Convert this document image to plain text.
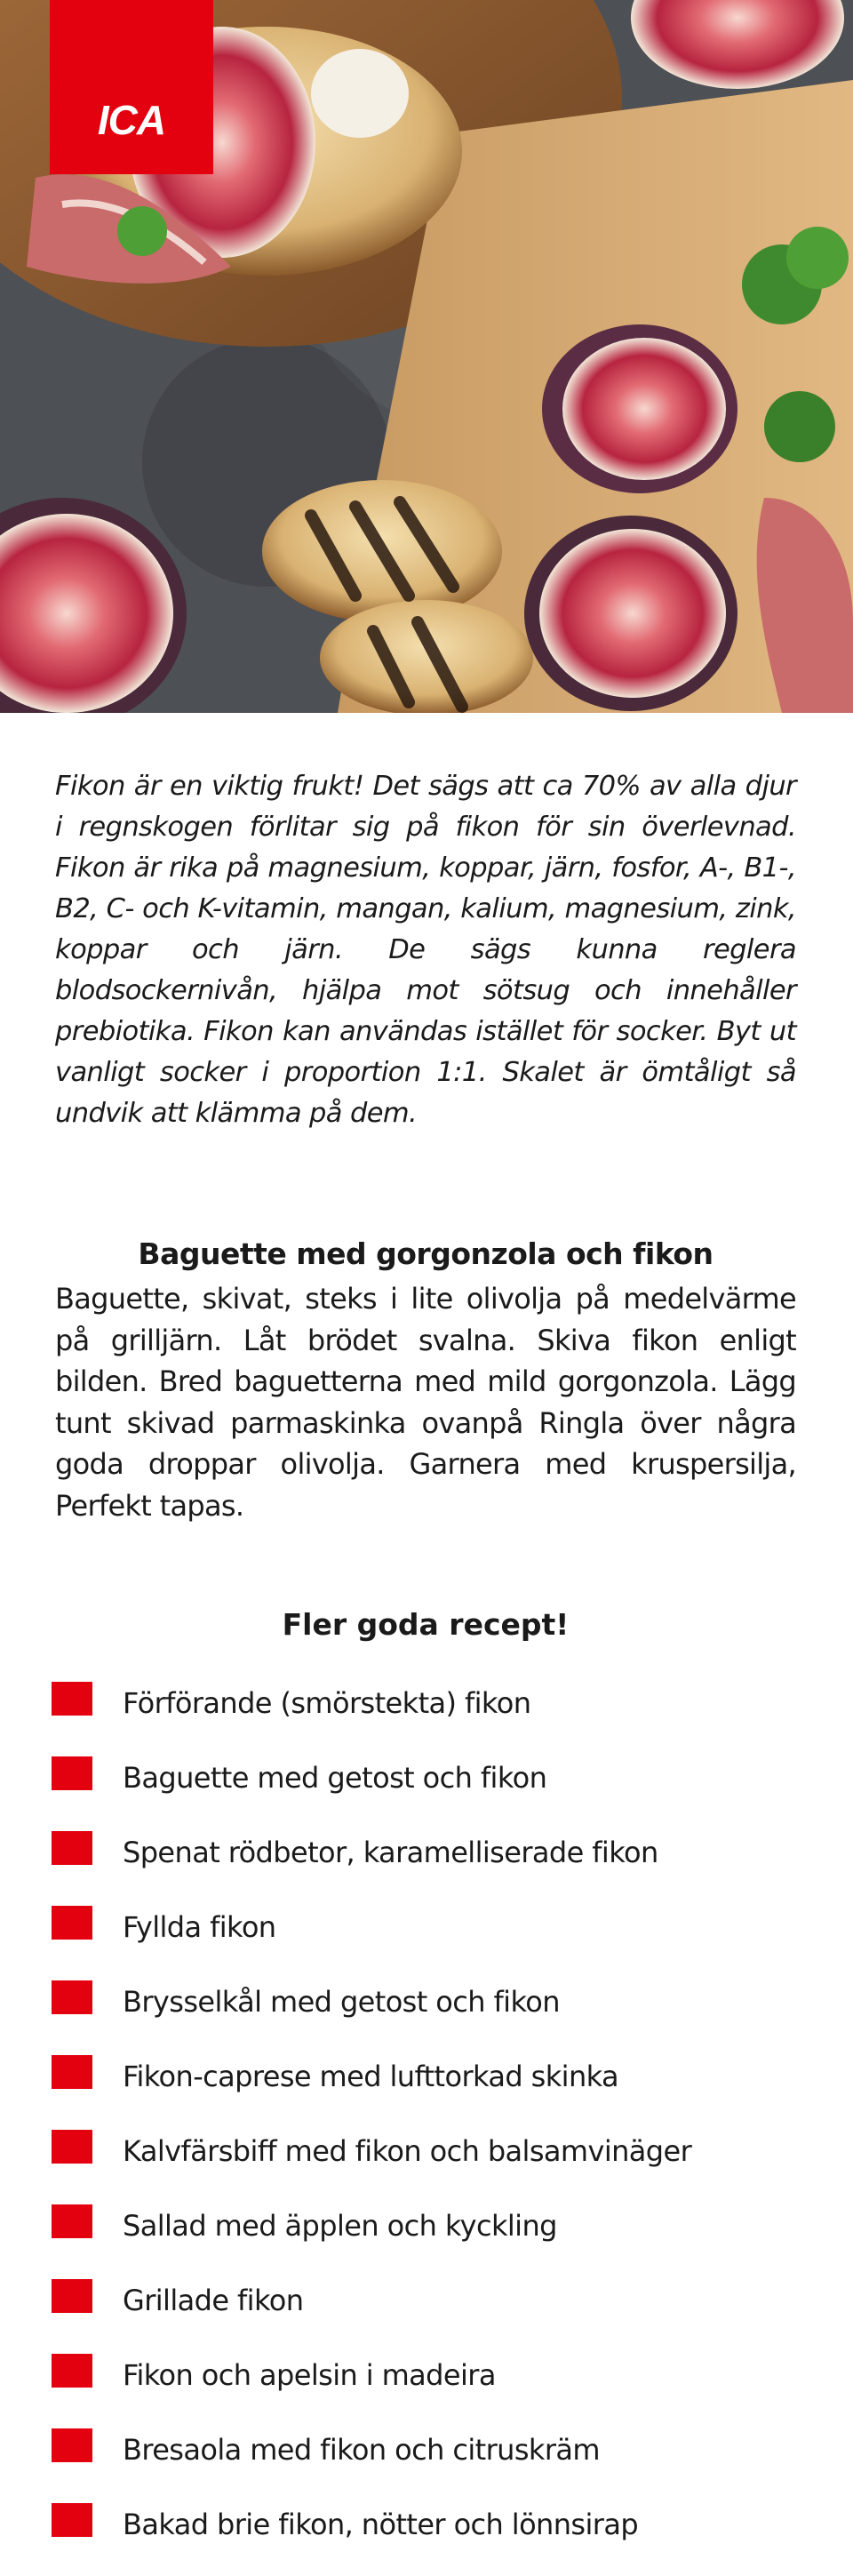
ICA

Fikon är en viktig frukt! Det sägs att ca 70% av alla djur i regnskogen förlitar sig på fikon för sin överlevnad. Fikon är rika på magnesium, koppar, järn, fosfor, A-, B1-, B2, C- och K-vitamin, mangan, kalium, magnesium, zink, koppar och järn. De sägs kunna reglera blodsockernivån, hjälpa mot sötsug och innehåller prebiotika. Fikon kan användas istället för socker. Byt ut vanligt socker i proportion 1:1. Skalet är ömtåligt så undvik att klämma på dem.

Baguette med gorgonzola och fikon

Baguette, skivat, steks i lite olivolja på medelvärme på grilljärn. Låt brödet svalna. Skiva fikon enligt bilden. Bred baguetterna med mild gorgonzola. Lägg tunt skivad parmaskinka ovanpå Ringla över några goda droppar olivolja. Garnera med kruspersilja, Perfekt tapas.

Fler goda recept!
Förförande (smörstekta) fikon
Baguette med getost och fikon
Spenat rödbetor, karamelliserade fikon
Fyllda fikon
Brysselkål med getost och fikon
Fikon-caprese med lufttorkad skinka
Kalvfärsbiff med fikon och balsamvinäger
Sallad med äpplen och kyckling
Grillade fikon
Fikon och apelsin i madeira
Bresaola med fikon och citruskräm
Bakad brie fikon, nötter och lönnsirap
